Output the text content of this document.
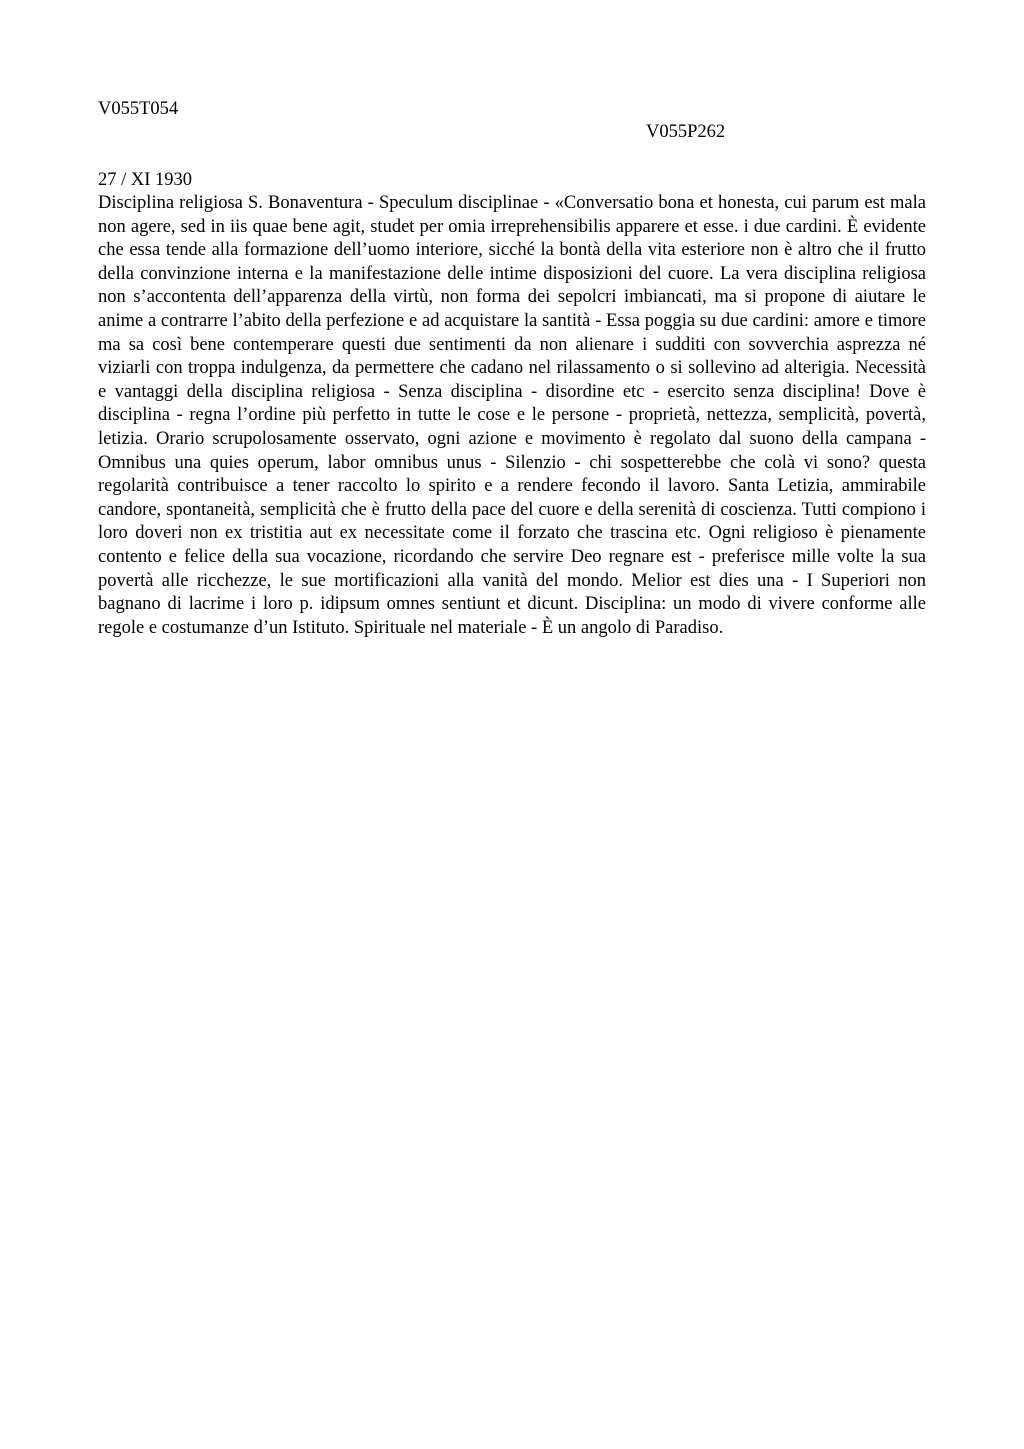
V055T054
V055P262
27 / XI 1930

Disciplina religiosa S. Bonaventura - Speculum disciplinae - «Conversatio bona et honesta, cui parum est mala non agere, sed in iis quae bene agit, studet per omia irreprehensibilis apparere et esse. i due cardini. È evidente che essa tende alla formazione dell’uomo interiore, sicché la bontà della vita esteriore non è altro che il frutto della convinzione interna e la manifestazione delle intime disposizioni del cuore. La vera disciplina religiosa non s’accontenta dell’apparenza della virtù, non forma dei sepolcri imbiancati, ma si propone di aiutare le anime a contrarre l’abito della perfezione e ad acquistare la santità - Essa poggia su due cardini: amore e timore ma sa così bene contemperare questi due sentimenti da non alienare i sudditi con sovverchia asprezza né viziarli con troppa indulgenza, da permettere che cadano nel rilassamento o si sollevino ad alterigia. Necessità e vantaggi della disciplina religiosa - Senza disciplina - disordine etc - esercito senza disciplina! Dove è disciplina - regna l’ordine più perfetto in tutte le cose e le persone - proprietà, nettezza, semplicità, povertà, letizia. Orario scrupolosamente osservato, ogni azione e movimento è regolato dal suono della campana - Omnibus una quies operum, labor omnibus unus - Silenzio - chi sospetterebbe che colà vi sono? questa regolarità contribuisce a tener raccolto lo spirito e a rendere fecondo il lavoro. Santa Letizia, ammirabile candore, spontaneità, semplicità che è frutto della pace del cuore e della serenità di coscienza. Tutti compiono i loro doveri non ex tristitia aut ex necessitate come il forzato che trascina etc. Ogni religioso è pienamente contento e felice della sua vocazione, ricordando che servire Deo regnare est - preferisce mille volte la sua povertà alle ricchezze, le sue mortificazioni alla vanità del mondo. Melior est dies una - I Superiori non bagnano di lacrime i loro p. idipsum omnes sentiunt et dicunt. Disciplina: un modo di vivere conforme alle regole e costumanze d’un Istituto. Spirituale nel materiale - È un angolo di Paradiso.
